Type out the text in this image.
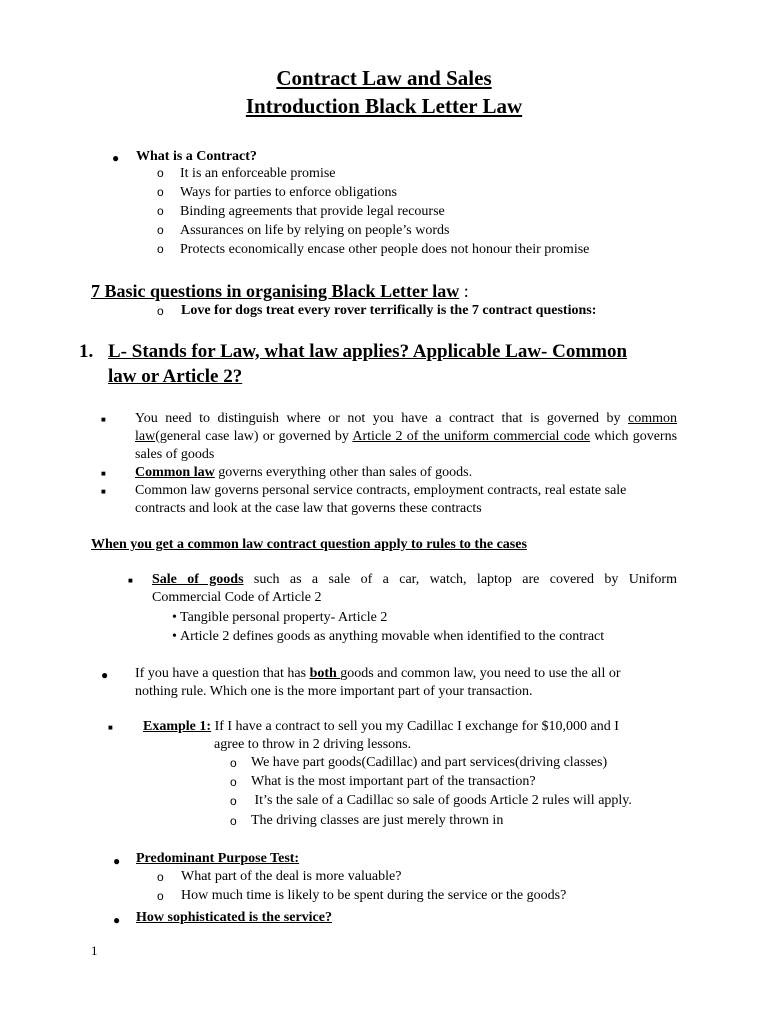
Contract Law and Sales
Introduction Black Letter Law
● What is a Contract?
o It is an enforceable promise
o Ways for parties to enforce obligations
o Binding agreements that provide legal recourse
o Assurances on life by relying on people’s words
o Protects economically encase other people does not honour their promise
7 Basic questions in organising Black Letter law :
o Love for dogs treat every rover terrifically is the 7 contract questions:
1. L- Stands for Law, what law applies? Applicable Law- Common
law or Article 2?
■ You need to distinguish where or not you have a contract that is governed by common law(general case law) or governed by Article 2 of the uniform commercial code which governs sales of goods
■ Common law governs everything other than sales of goods.
■ Common law governs personal service contracts, employment contracts, real estate sale
contracts and look at the case law that governs these contracts
When you get a common law contract question apply to rules to the cases
■ Sale of goods such as a sale of a car, watch, laptop are covered by Uniform
Commercial Code of Article 2
• Tangible personal property- Article 2
• Article 2 defines goods as anything movable when identified to the contract
● If you have a question that has both goods and common law, you need to use the all or
nothing rule. Which one is the more important part of your transaction.
■ Example 1: If I have a contract to sell you my Cadillac I exchange for $10,000 and I
agree to throw in 2 driving lessons.
o We have part goods(Cadillac) and part services(driving classes)
o What is the most important part of the transaction?
o It’s the sale of a Cadillac so sale of goods Article 2 rules will apply.
o The driving classes are just merely thrown in
● Predominant Purpose Test:
o What part of the deal is more valuable?
o How much time is likely to be spent during the service or the goods?
● How sophisticated is the service?
1
